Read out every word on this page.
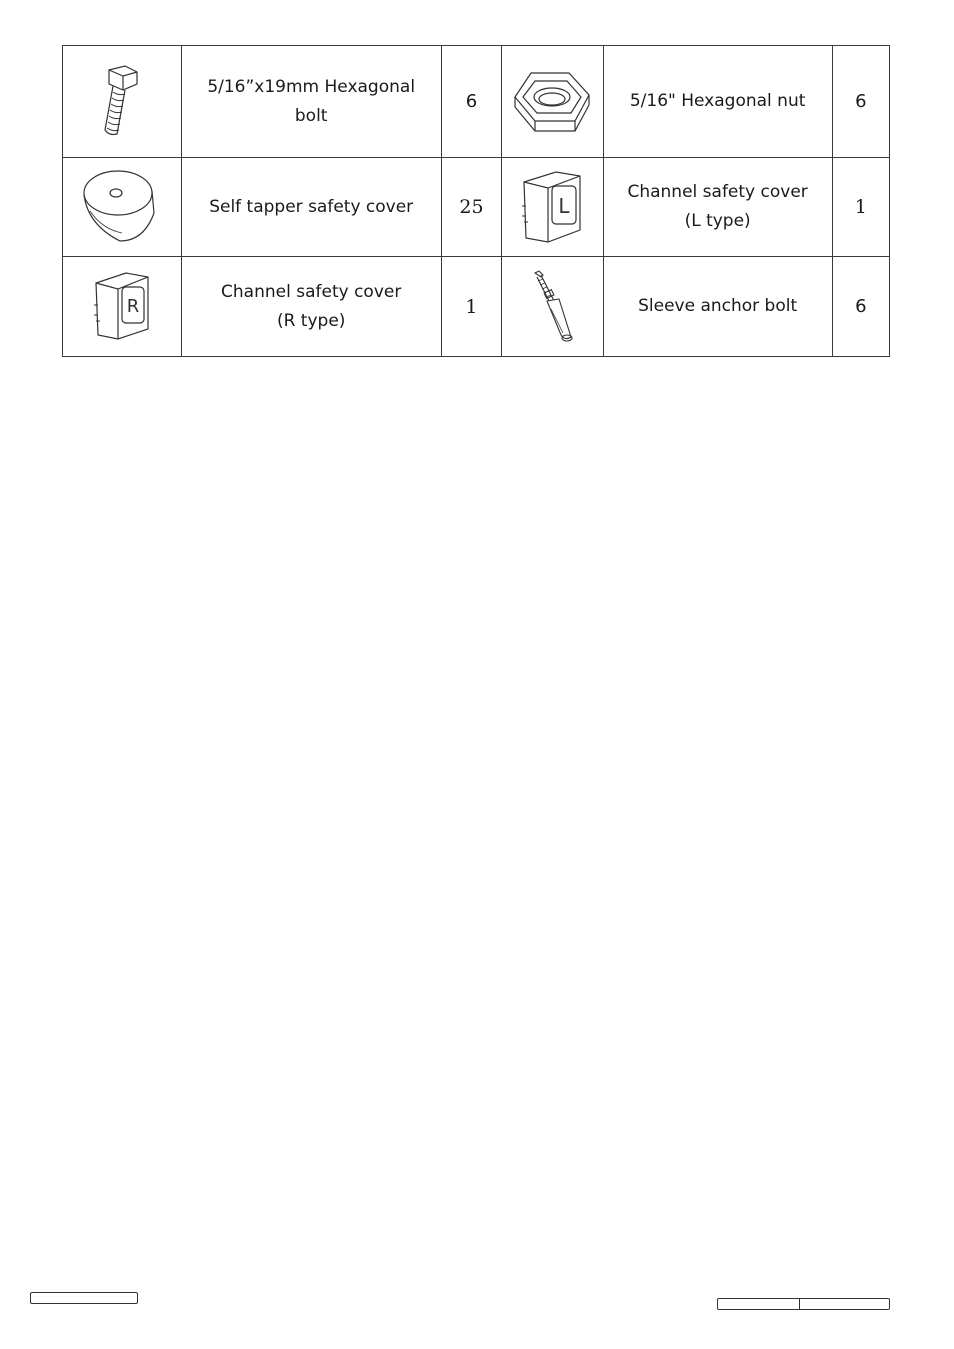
	5/16”x19mm Hexagonal
bolt	6		5/16" Hexagonal nut	6

	Self tapper safety cover	25	L	Channel safety cover
(L type)	1

R	Channel safety cover
(R type)	1		Sleeve anchor bolt	6
